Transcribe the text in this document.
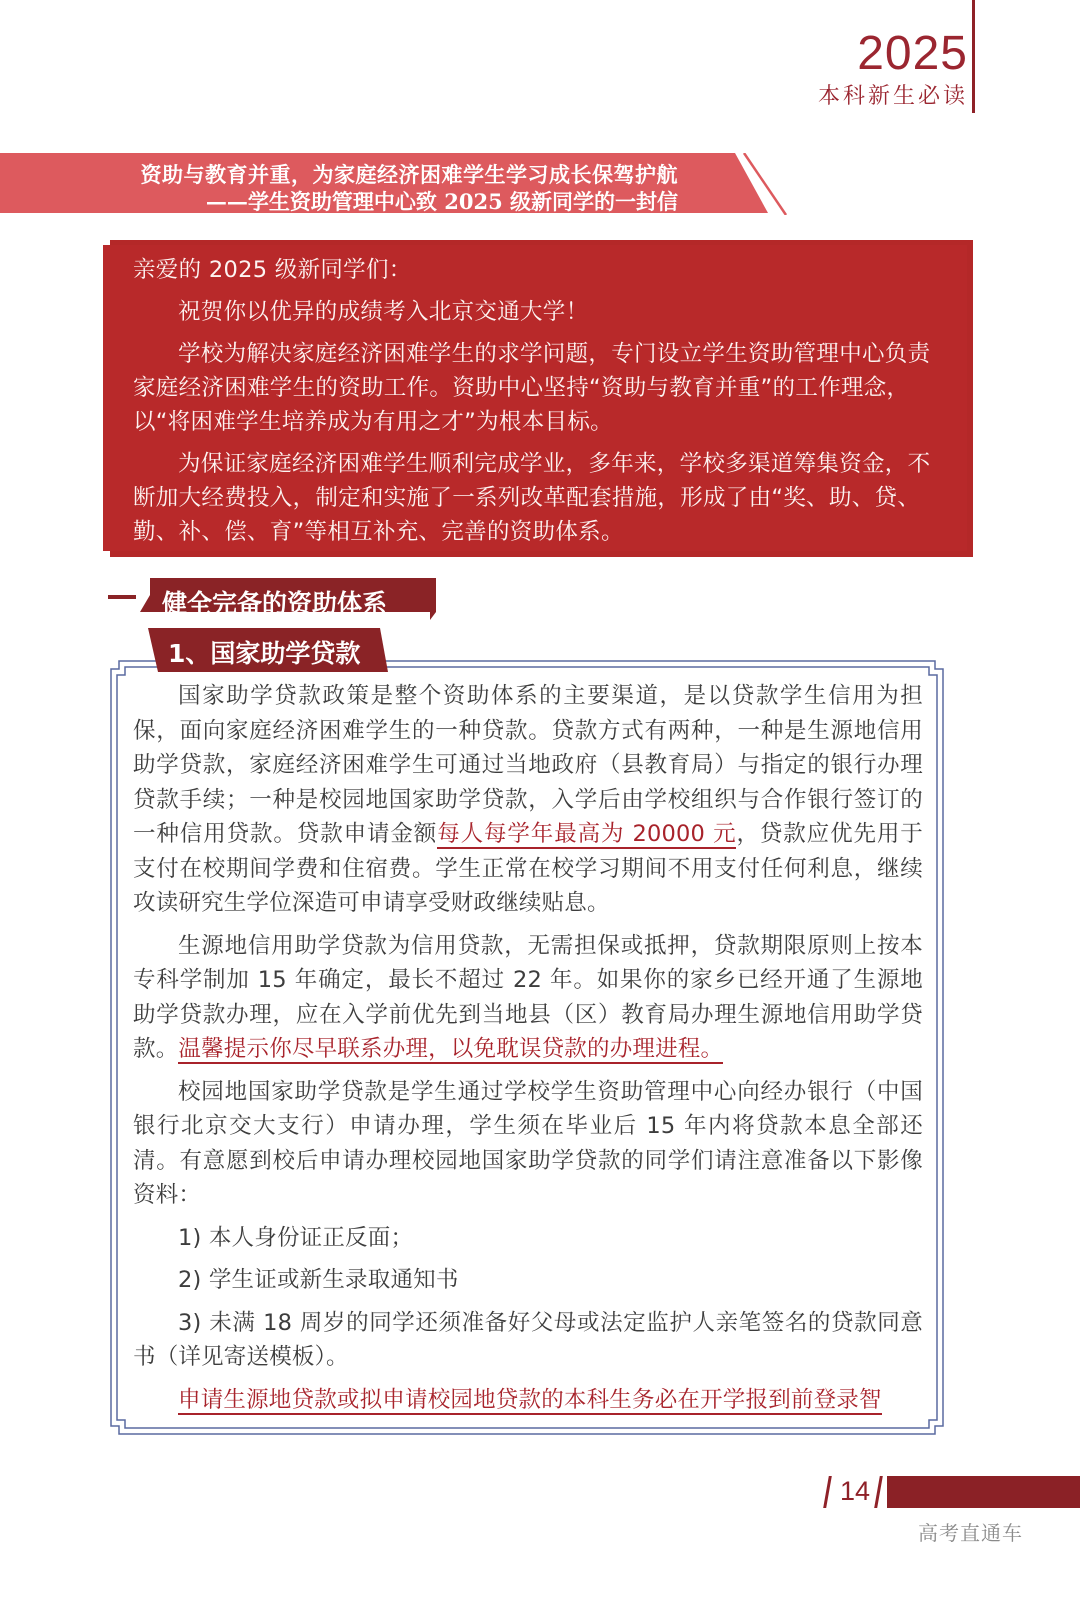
2025
本科新生必读
资助与教育并重，为家庭经济困难学生学习成长保驾护航
——学生资助管理中心致 2025 级新同学的一封信

亲爱的 2025 级新同学们：

祝贺你以优异的成绩考入北京交通大学！

学校为解决家庭经济困难学生的求学问题，专门设立学生资助管理中心负责家庭经济困难学生的资助工作。资助中心坚持“资助与教育并重”的工作理念，以“将困难学生培养成为有用之才”为根本目标。

为保证家庭经济困难学生顺利完成学业，多年来，学校多渠道筹集资金，不断加大经费投入，制定和实施了一系列改革配套措施，形成了由“奖、助、贷、勤、补、偿、育”等相互补充、完善的资助体系。

健全完备的资助体系
1、国家助学贷款

国家助学贷款政策是整个资助体系的主要渠道，是以贷款学生信用为担保，面向家庭经济困难学生的一种贷款。贷款方式有两种，一种是生源地信用助学贷款，家庭经济困难学生可通过当地政府（县教育局）与指定的银行办理贷款手续；一种是校园地国家助学贷款，入学后由学校组织与合作银行签订的一种信用贷款。贷款申请金额每人每学年最高为 20000 元，贷款应优先用于支付在校期间学费和住宿费。学生正常在校学习期间不用支付任何利息，继续攻读研究生学位深造可申请享受财政继续贴息。

生源地信用助学贷款为信用贷款，无需担保或抵押，贷款期限原则上按本专科学制加 15 年确定，最长不超过 22 年。如果你的家乡已经开通了生源地助学贷款办理，应在入学前优先到当地县（区）教育局办理生源地信用助学贷款。温馨提示你尽早联系办理，以免耽误贷款的办理进程。

校园地国家助学贷款是学生通过学校学生资助管理中心向经办银行（中国银行北京交大支行）申请办理，学生须在毕业后 15 年内将贷款本息全部还清。有意愿到校后申请办理校园地国家助学贷款的同学们请注意准备以下影像资料：

1) 本人身份证正反面；

2) 学生证或新生录取通知书

3) 未满 18 周岁的同学还须准备好父母或法定监护人亲笔签名的贷款同意书（详见寄送模板）。

申请生源地贷款或拟申请校园地贷款的本科生务必在开学报到前登录智

14
高考直通车
